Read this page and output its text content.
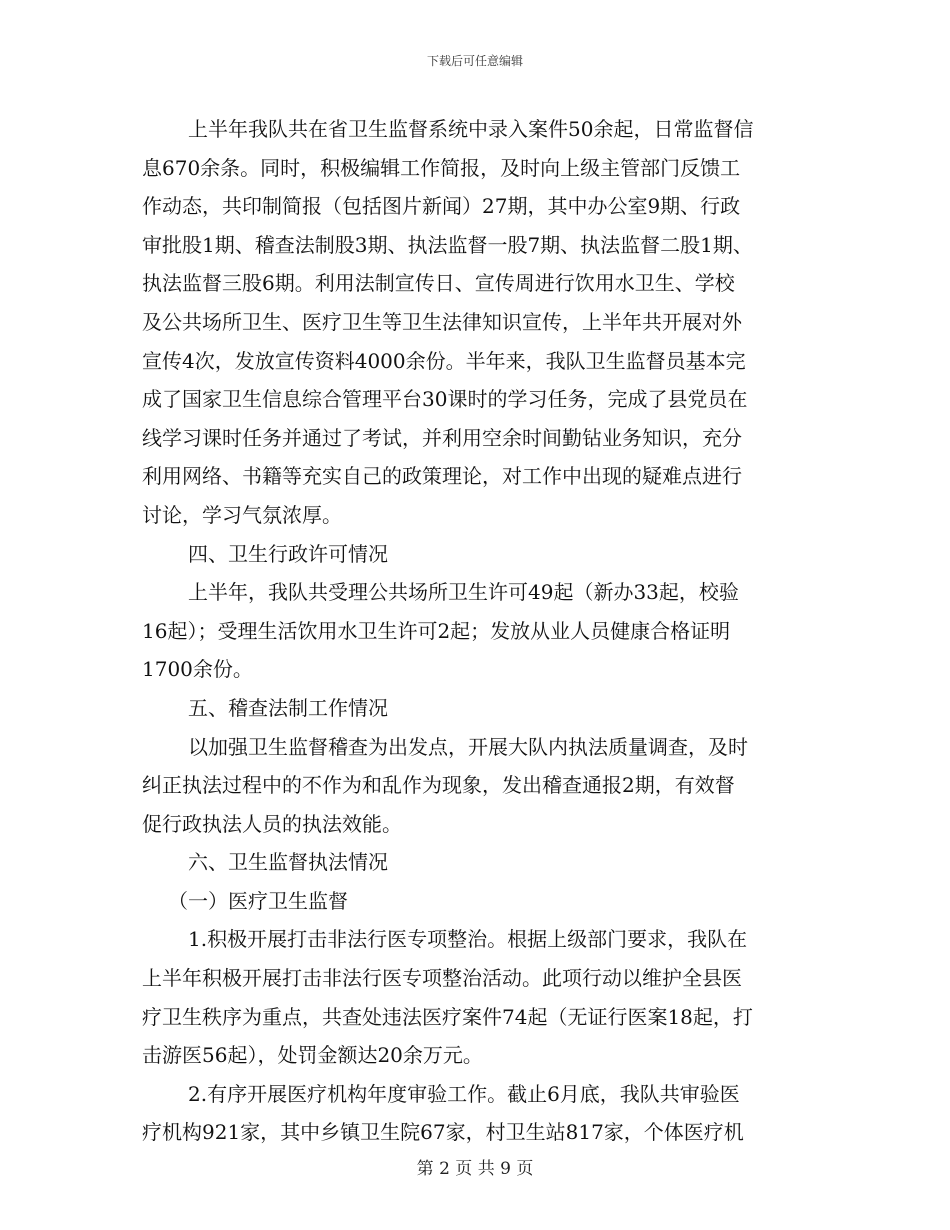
下载后可任意编辑
上半年我队共在省卫生监督系统中录入案件50余起，日常监督信
息670余条。同时，积极编辑工作简报，及时向上级主管部门反馈工
作动态，共印制简报（包括图片新闻）27期，其中办公室9期、行政
审批股1期、稽查法制股3期、执法监督一股7期、执法监督二股1期、
执法监督三股6期。利用法制宣传日、宣传周进行饮用水卫生、学校
及公共场所卫生、医疗卫生等卫生法律知识宣传，上半年共开展对外
宣传4次，发放宣传资料4000余份。半年来，我队卫生监督员基本完
成了国家卫生信息综合管理平台30课时的学习任务，完成了县党员在
线学习课时任务并通过了考试，并利用空余时间勤钻业务知识，充分
利用网络、书籍等充实自己的政策理论，对工作中出现的疑难点进行
讨论，学习气氛浓厚。
四、卫生行政许可情况
上半年，我队共受理公共场所卫生许可49起（新办33起，校验
16起）；受理生活饮用水卫生许可2起；发放从业人员健康合格证明
1700余份。
五、稽查法制工作情况
以加强卫生监督稽查为出发点，开展大队内执法质量调查，及时
纠正执法过程中的不作为和乱作为现象，发出稽查通报2期，有效督
促行政执法人员的执法效能。
六、卫生监督执法情况
（一）医疗卫生监督
1.积极开展打击非法行医专项整治。根据上级部门要求，我队在
上半年积极开展打击非法行医专项整治活动。此项行动以维护全县医
疗卫生秩序为重点，共查处违法医疗案件74起（无证行医案18起，打
击游医56起），处罚金额达20余万元。
2.有序开展医疗机构年度审验工作。截止6月底，我队共审验医
疗机构921家，其中乡镇卫生院67家，村卫生站817家，个体医疗机
第 2 页 共 9 页
